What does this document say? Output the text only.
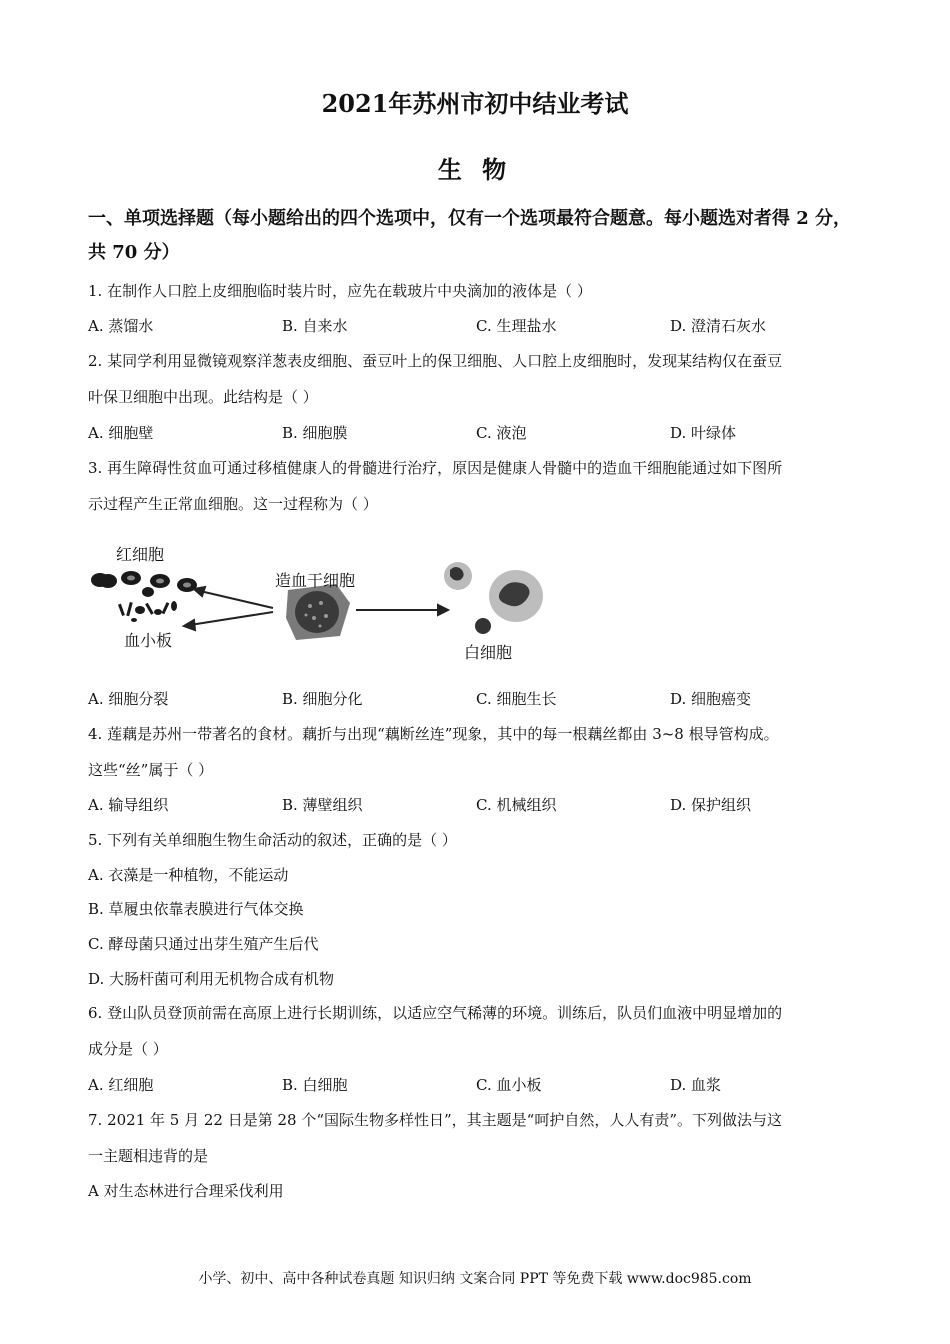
2021年苏州市初中结业考试
生 物
一、单项选择题（每小题给出的四个选项中，仅有一个选项最符合题意。每小题选对者得 2 分，共 70 分）
1. 在制作人口腔上皮细胞临时装片时，应先在载玻片中央滴加的液体是（ ）
A. 蒸馏水	B. 自来水	C. 生理盐水	D. 澄清石灰水
2. 某同学利用显微镜观察洋葱表皮细胞、蚕豆叶上的保卫细胞、人口腔上皮细胞时，发现某结构仅在蚕豆
叶保卫细胞中出现。此结构是（ ）
A. 细胞壁	B. 细胞膜	C. 液泡	D. 叶绿体
3. 再生障碍性贫血可通过移植健康人的骨髓进行治疗，原因是健康人骨髓中的造血干细胞能通过如下图所
示过程产生正常血细胞。这一过程称为（ ）
红细胞
造血干细胞
血小板
白细胞
A. 细胞分裂	B. 细胞分化	C. 细胞生长	D. 细胞癌变
4. 莲藕是苏州一带著名的食材。藕折与出现“藕断丝连”现象，其中的每一根藕丝都由 3~8 根导管构成。
这些“丝”属于（ ）
A. 输导组织	B. 薄壁组织	C. 机械组织	D. 保护组织
5. 下列有关单细胞生物生命活动的叙述，正确的是（ ）
A. 衣藻是一种植物，不能运动
B. 草履虫依靠表膜进行气体交换
C. 酵母菌只通过出芽生殖产生后代
D. 大肠杆菌可利用无机物合成有机物
6. 登山队员登顶前需在高原上进行长期训练，以适应空气稀薄的环境。训练后，队员们血液中明显增加的
成分是（ ）
A. 红细胞	B. 白细胞	C. 血小板	D. 血浆
7. 2021 年 5 月 22 日是第 28 个“国际生物多样性日”，其主题是“呵护自然，人人有责”。下列做法与这
一主题相违背的是
A 对生态林进行合理采伐利用
小学、初中、高中各种试卷真题 知识归纳 文案合同 PPT 等免费下载 www.doc985.com
